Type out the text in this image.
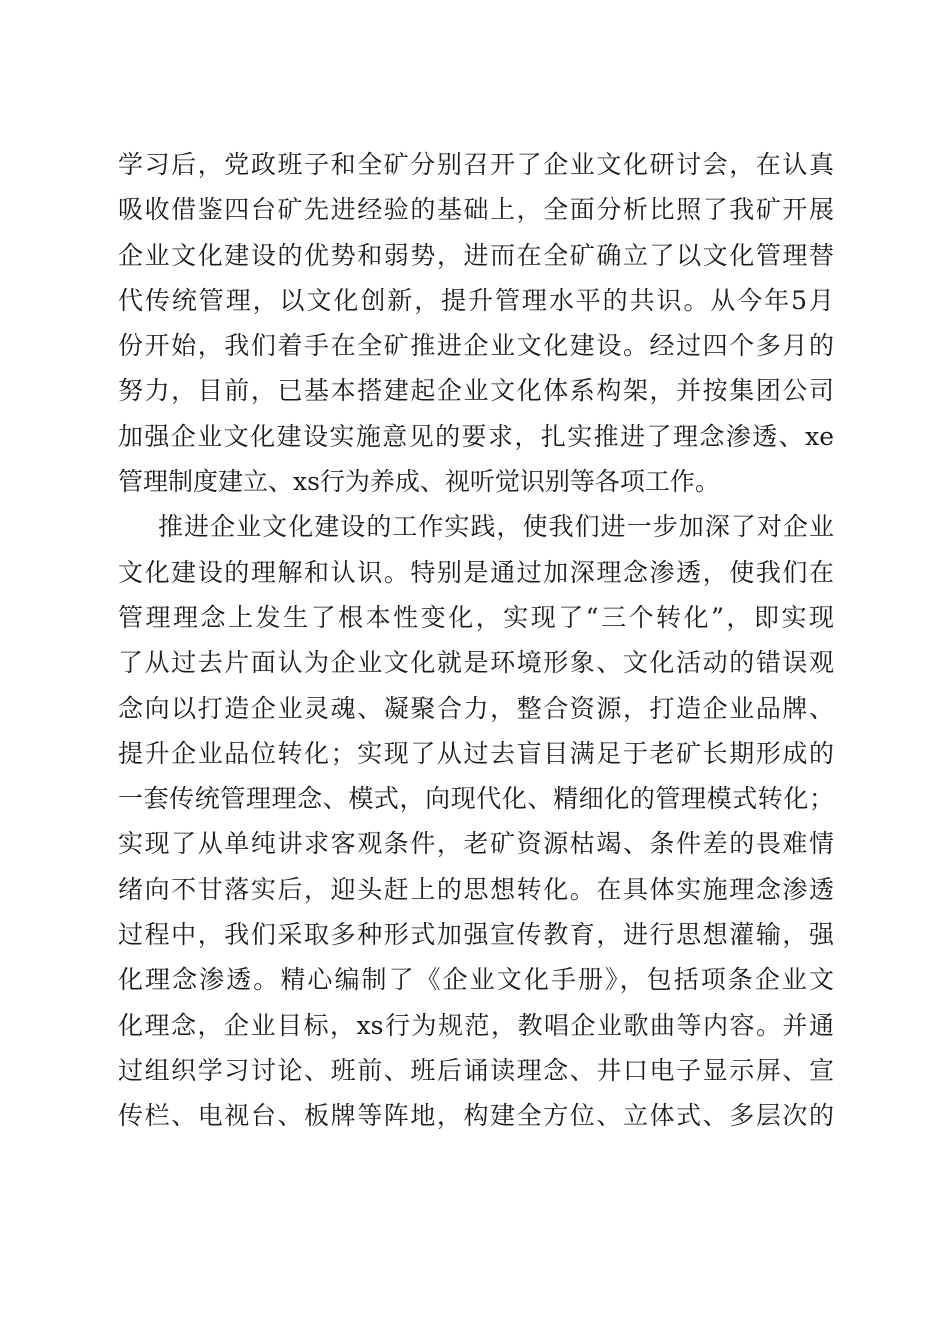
学习后，党政班子和全矿分别召开了企业文化研讨会，在认真
吸收借鉴四台矿先进经验的基础上，全面分析比照了我矿开展
企业文化建设的优势和弱势，进而在全矿确立了以文化管理替
代传统管理，以文化创新，提升管理水平的共识。从今年5月
份开始，我们着手在全矿推进企业文化建设。经过四个多月的
努力，目前，已基本搭建起企业文化体系构架，并按集团公司
加强企业文化建设实施意见的要求，扎实推进了理念渗透、xe
管理制度建立、xs行为养成、视听觉识别等各项工作。
推进企业文化建设的工作实践，使我们进一步加深了对企业
文化建设的理解和认识。特别是通过加深理念渗透，使我们在
管理理念上发生了根本性变化，实现了“三个转化”，即实现
了从过去片面认为企业文化就是环境形象、文化活动的错误观
念向以打造企业灵魂、凝聚合力，整合资源，打造企业品牌、
提升企业品位转化；实现了从过去盲目满足于老矿长期形成的
一套传统管理理念、模式，向现代化、精细化的管理模式转化；
实现了从单纯讲求客观条件，老矿资源枯竭、条件差的畏难情
绪向不甘落实后，迎头赶上的思想转化。在具体实施理念渗透
过程中，我们采取多种形式加强宣传教育，进行思想灌输，强
化理念渗透。精心编制了《企业文化手册》，包括项条企业文
化理念，企业目标，xs行为规范，教唱企业歌曲等内容。并通
过组织学习讨论、班前、班后诵读理念、井口电子显示屏、宣
传栏、电视台、板牌等阵地，构建全方位、立体式、多层次的
